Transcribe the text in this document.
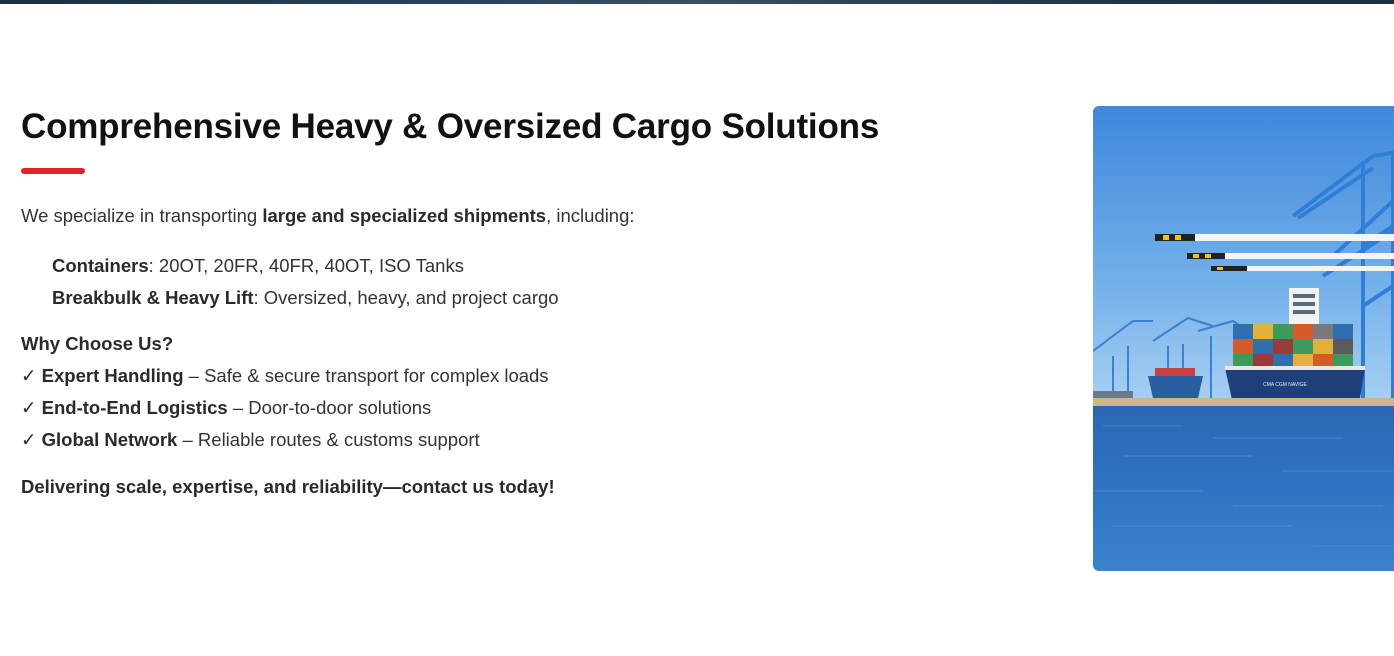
Comprehensive Heavy & Oversized Cargo Solutions

We specialize in transporting large and specialized shipments, including:

Containers: 20OT, 20FR, 40FR, 40OT, ISO Tanks
Breakbulk & Heavy Lift: Oversized, heavy, and project cargo
Why Choose Us?
✓ Expert Handling – Safe & secure transport for complex loads
✓ End-to-End Logistics – Door-to-door solutions
✓ Global Network – Reliable routes & customs support
Delivering scale, expertise, and reliability—contact us today!
CMA CGM NAVIGE
